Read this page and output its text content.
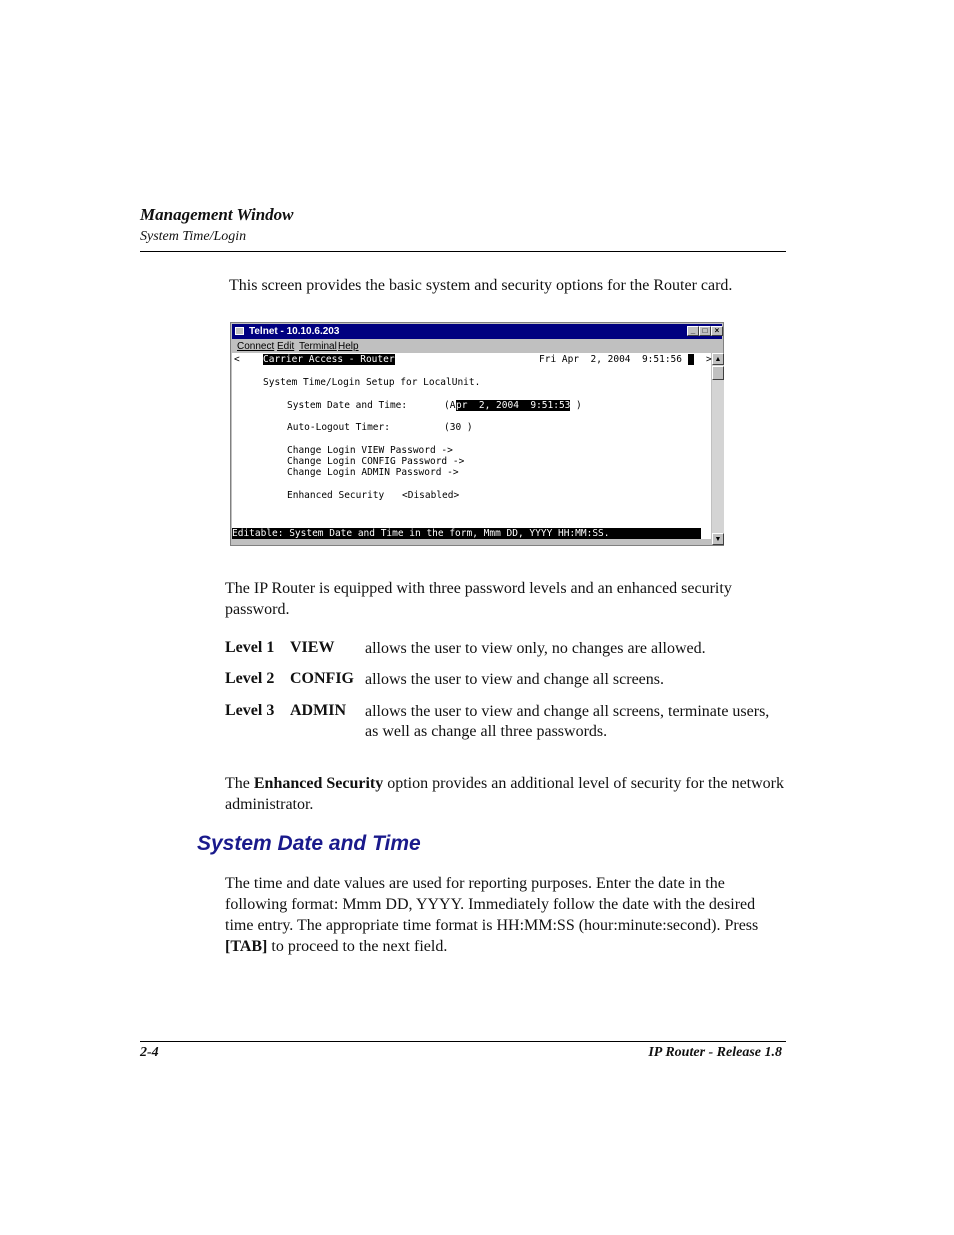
Management Window
System Time/Login
This screen provides the basic system and security options for the Router card.
Telnet - 10.10.6.203	_ □ ×
Connect Edit Terminal Help
< Carrier Access - Router	Fri Apr  2, 2004  9:51:56
	>
System Time/Login Setup for LocalUnit.
System Date and Time:	(A pr  2, 2004  9:51:53 )
Auto-Logout Timer:	(30 )
Change Login VIEW Password ->
Change Login CONFIG Password ->
Change Login ADMIN Password ->
Enhanced Security <Disabled>
Editable: System Date and Time in the form, Mmm DD, YYYY HH:MM:SS.
▲
▼
The IP Router is equipped with three password levels and an enhanced security password.
Level 1 VIEW allows the user to view only, no changes are allowed.
Level 2 CONFIG allows the user to view and change all screens.
Level 3 ADMIN allows the user to view and change all screens, terminate users, as well as change all three passwords.
The Enhanced Security option provides an additional level of security for the network administrator.
System Date and Time
The time and date values are used for reporting purposes. Enter the date in the following format: Mmm DD, YYYY. Immediately follow the date with the desired time entry. The appropriate time format is HH:MM:SS (hour:minute:second). Press [TAB] to proceed to the next field.
2-4	IP Router - Release 1.8
